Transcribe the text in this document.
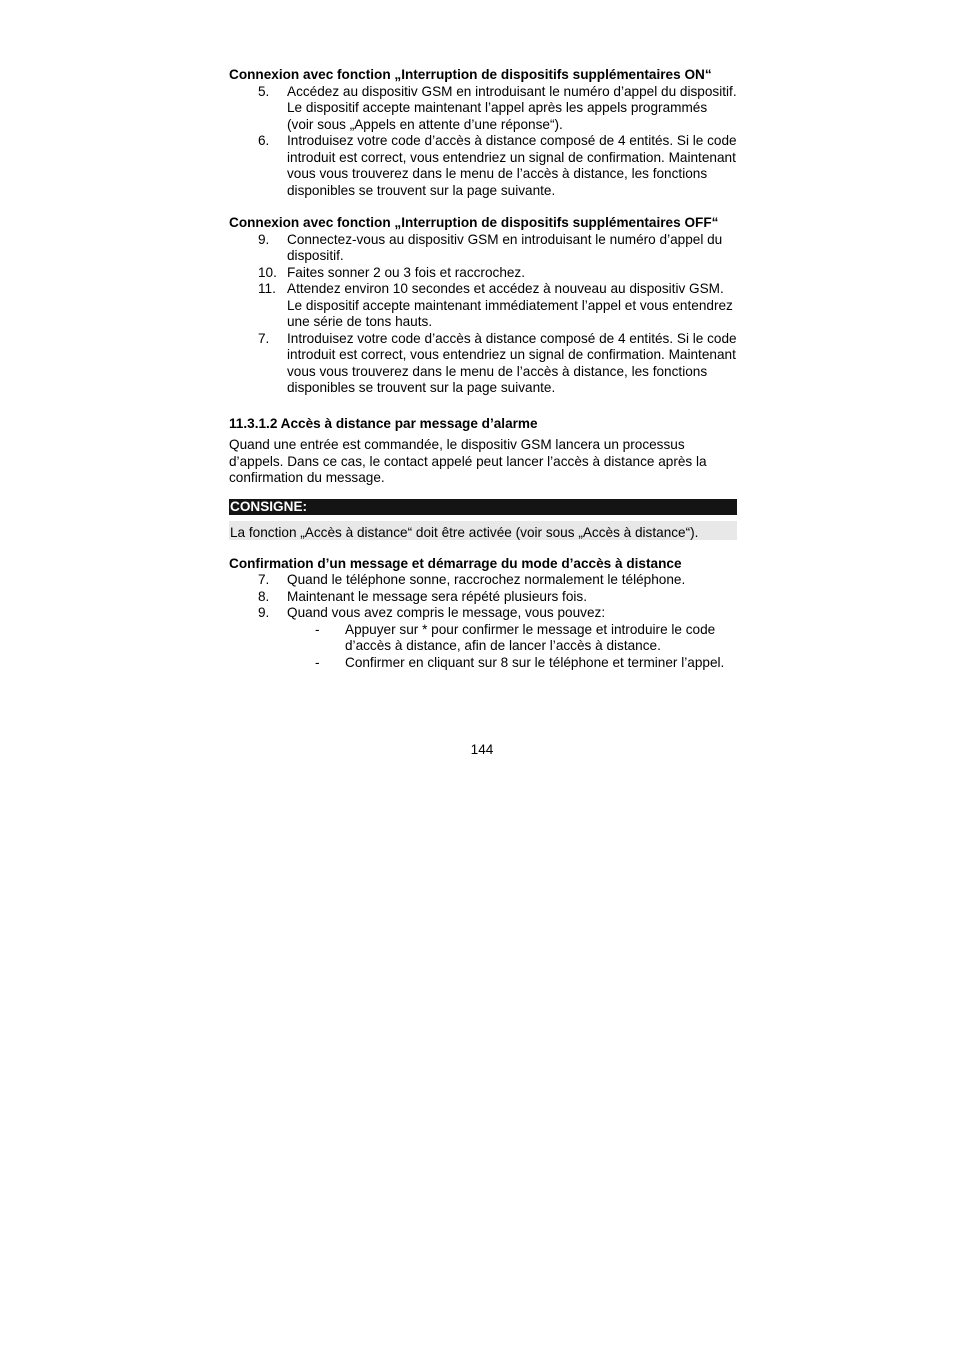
Connexion avec fonction „Interruption de dispositifs supplémentaires ON“

5. Accédez au dispositiv GSM en introduisant le numéro d’appel du dispositif.
Le dispositif accepte maintenant l’appel après les appels programmés (voir sous „Appels en attente d’une réponse“).
6. Introduisez votre code d’accès à distance composé de 4 entités. Si le code introduit est correct, vous entendriez un signal de confirmation. Maintenant vous vous trouverez dans le menu de l’accès à distance, les fonctions disponibles se trouvent sur la page suivante.

Connexion avec fonction „Interruption de dispositifs supplémentaires OFF“

9. Connectez-vous au dispositiv GSM en introduisant le numéro d’appel du dispositif.
10. Faites sonner 2 ou 3 fois et raccrochez.
11. Attendez environ 10 secondes et accédez à nouveau au dispositiv GSM. Le dispositif accepte maintenant immédiatement l’appel et vous entendrez une série de tons hauts.
7. Introduisez votre code d’accès à distance composé de 4 entités. Si le code introduit est correct, vous entendriez un signal de confirmation. Maintenant vous vous trouverez dans le menu de l’accès à distance, les fonctions disponibles se trouvent sur la page suivante.

11.3.1.2 Accès à distance par message d’alarme

Quand une entrée est commandée, le dispositiv GSM lancera un processus d’appels. Dans ce cas, le contact appelé peut lancer l’accès à distance après la confirmation du message.

CONSIGNE:
La fonction „Accès à distance“ doit être activée (voir sous „Accès à distance“).

Confirmation d’un message et démarrage du mode d’accès à distance

7. Quand le téléphone sonne, raccrochez normalement le téléphone.
8. Maintenant le message sera répété plusieurs fois.
9. Quand vous avez compris le message, vous pouvez:
- Appuyer sur * pour confirmer le message et introduire le code d’accès à distance, afin de lancer l’accès à distance.
- Confirmer en cliquant sur 8 sur le téléphone et terminer l’appel.
144
